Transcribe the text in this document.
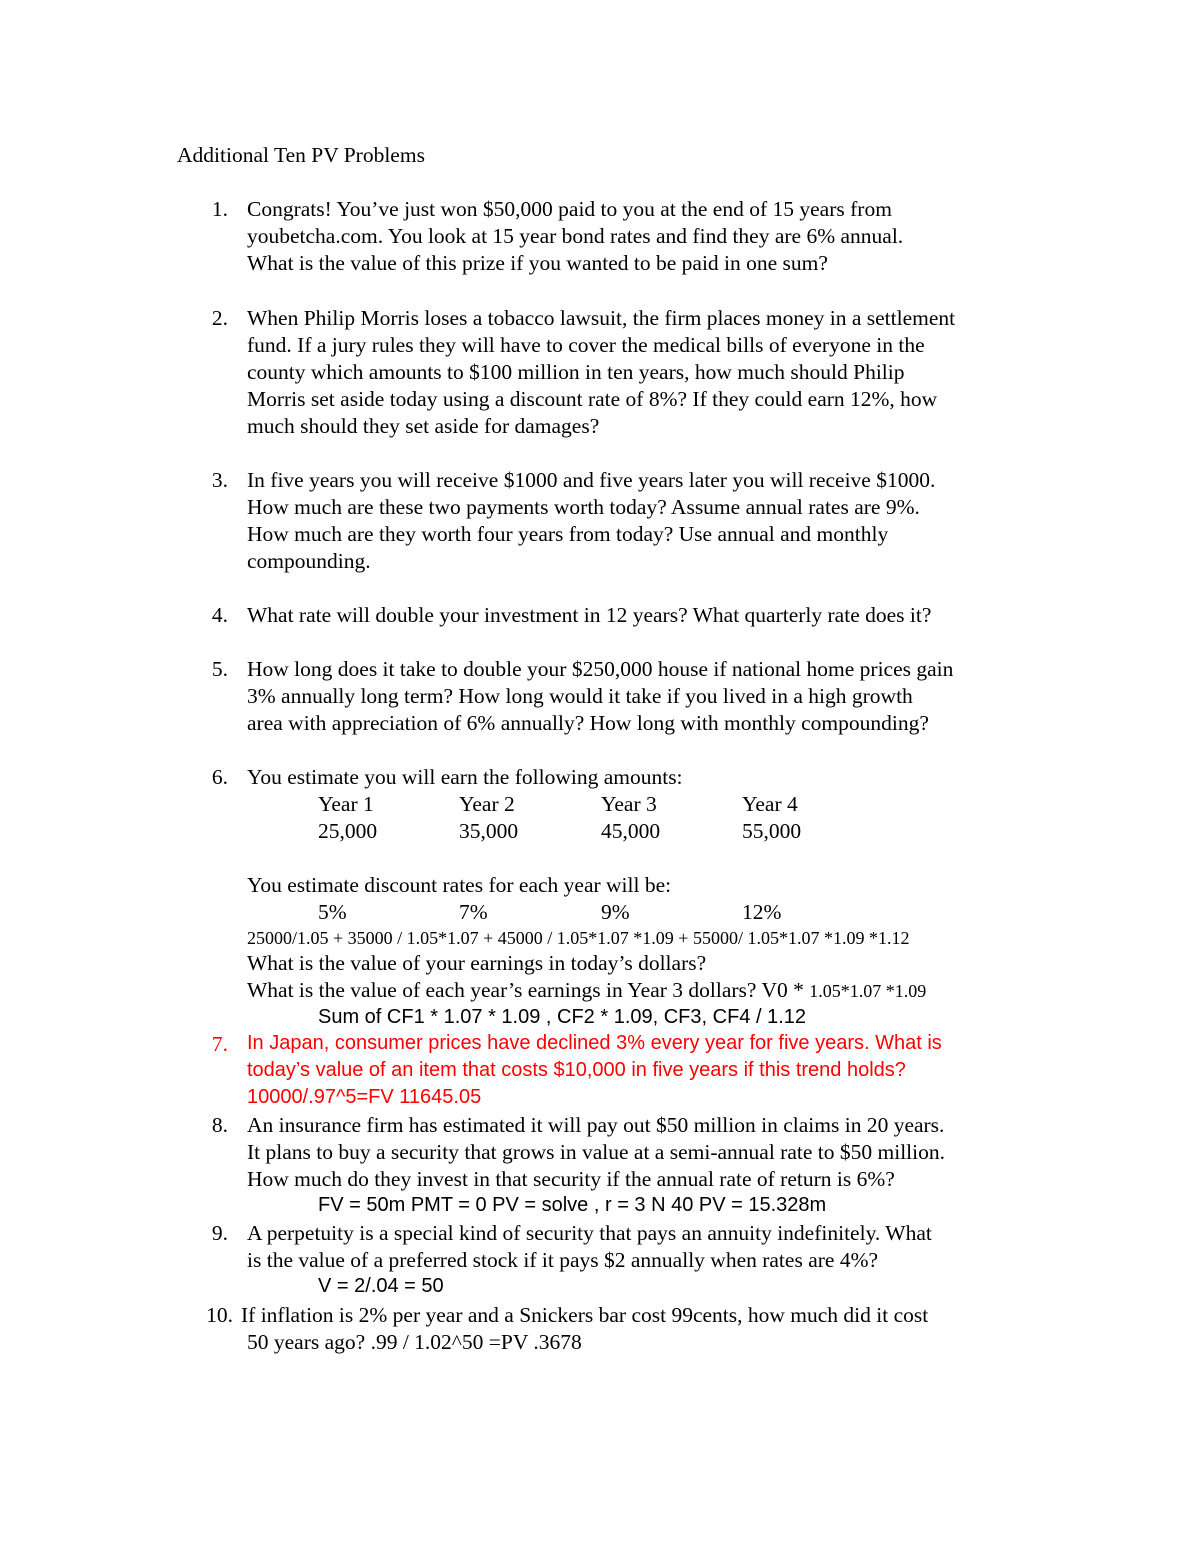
Additional Ten PV Problems
1. Congrats! You’ve just won $50,000 paid to you at the end of 15 years from
youbetcha.com. You look at 15 year bond rates and find they are 6% annual.
What is the value of this prize if you wanted to be paid in one sum?
2. When Philip Morris loses a tobacco lawsuit, the firm places money in a settlement
fund. If a jury rules they will have to cover the medical bills of everyone in the
county which amounts to $100 million in ten years, how much should Philip
Morris set aside today using a discount rate of 8%? If they could earn 12%, how
much should they set aside for damages?
3. In five years you will receive $1000 and five years later you will receive $1000.
How much are these two payments worth today? Assume annual rates are 9%.
How much are they worth four years from today? Use annual and monthly
compounding.
4. What rate will double your investment in 12 years? What quarterly rate does it?
5. How long does it take to double your $250,000 house if national home prices gain
3% annually long term? How long would it take if you lived in a high growth
area with appreciation of 6% annually? How long with monthly compounding?
6. You estimate you will earn the following amounts:
Year 1	Year 2	Year 3	Year 4
25,000	35,000	45,000	55,000
You estimate discount rates for each year will be:
5%	7%	9%	12%
25000/1.05 + 35000 / 1.05*1.07 + 45000 / 1.05*1.07 *1.09 + 55000/ 1.05*1.07 *1.09 *1.12
What is the value of your earnings in today’s dollars?
What is the value of each year’s earnings in Year 3 dollars? V0 * 1.05*1.07 *1.09
Sum of CF1 * 1.07 * 1.09 , CF2 * 1.09, CF3, CF4 / 1.12
7. In Japan, consumer prices have declined 3% every year for five years. What is
today’s value of an item that costs $10,000 in five years if this trend holds?
10000/.97^5=FV 11645.05
8. An insurance firm has estimated it will pay out $50 million in claims in 20 years.
It plans to buy a security that grows in value at a semi-annual rate to $50 million.
How much do they invest in that security if the annual rate of return is 6%?
FV = 50m PMT = 0 PV = solve , r = 3 N 40 PV = 15.328m
9. A perpetuity is a special kind of security that pays an annuity indefinitely. What
is the value of a preferred stock if it pays $2 annually when rates are 4%?
V = 2/.04 = 50
10. If inflation is 2% per year and a Snickers bar cost 99cents, how much did it cost
50 years ago? .99 / 1.02^50 =PV .3678
